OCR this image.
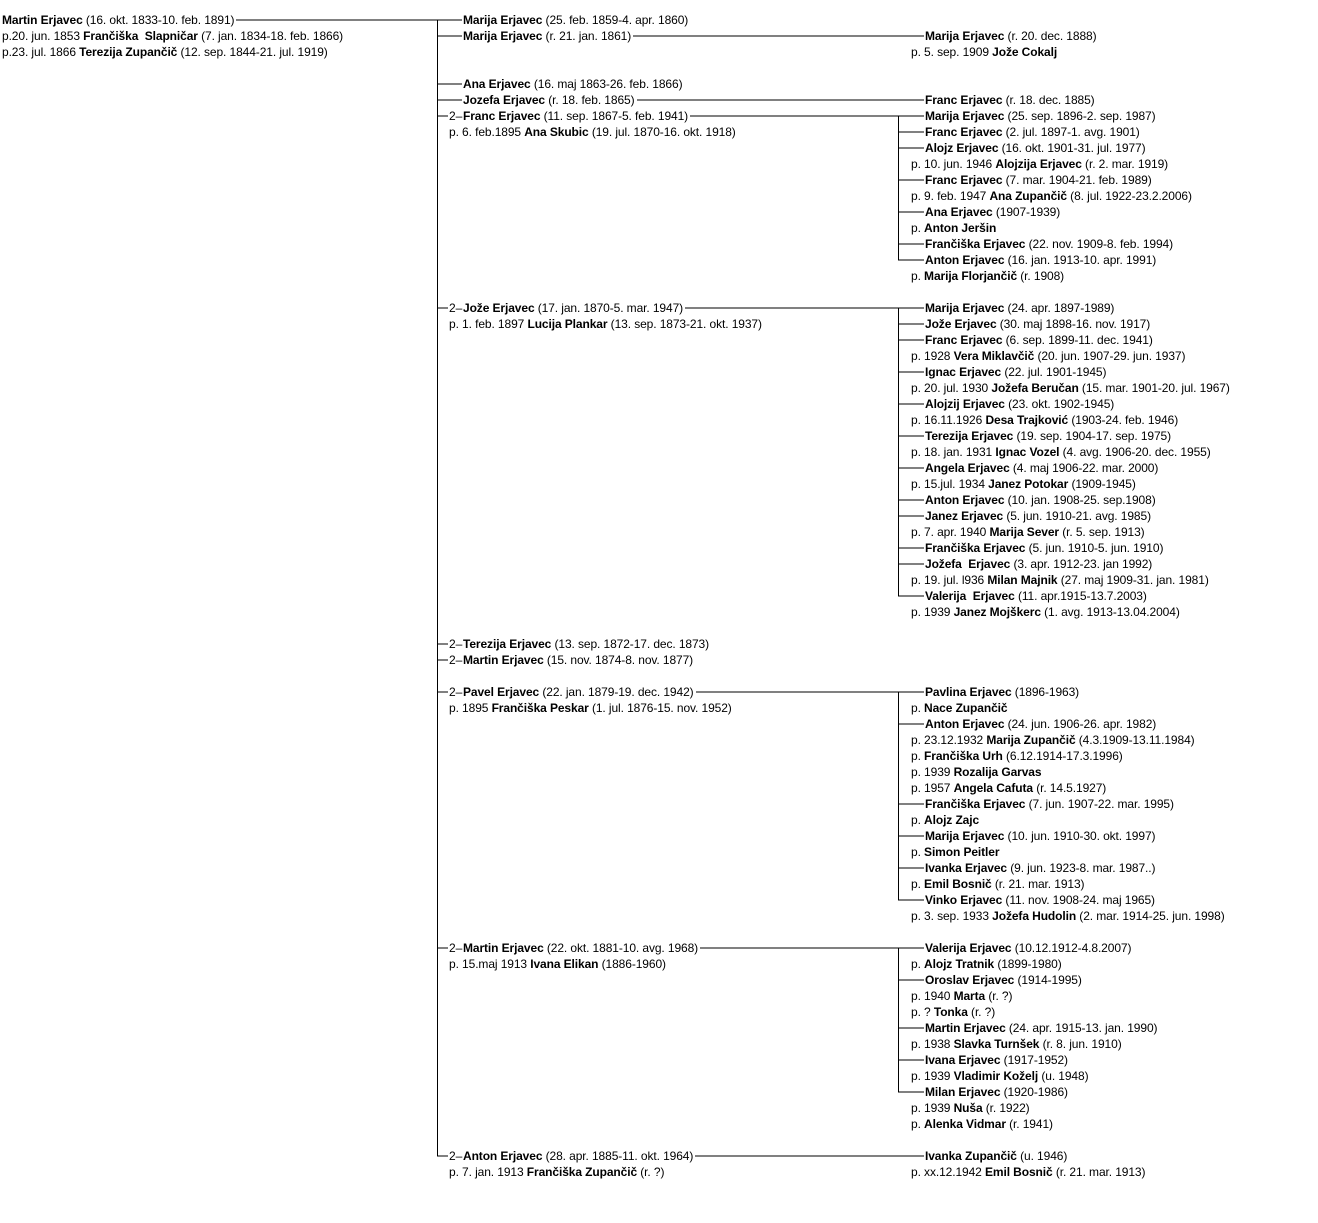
Martin Erjavec (16. okt. 1833-10. feb. 1891)
p.20. jun. 1853 Frančiška  Slapničar (7. jan. 1834-18. feb. 1866)
p.23. jul. 1866 Terezija Zupančič (12. sep. 1844-21. jul. 1919)
Marija Erjavec (25. feb. 1859-4. apr. 1860)
Marija Erjavec (r. 21. jan. 1861)	Marija Erjavec (r. 20. dec. 1888)
p. 5. sep. 1909 Jože Cokalj
Ana Erjavec (16. maj 1863-26. feb. 1866)
Jozefa Erjavec (r. 18. feb. 1865)	Franc Erjavec (r. 18. dec. 1885)
2– Franc Erjavec (11. sep. 1867-5. feb. 1941)
p. 6. feb.1895 Ana Skubic (19. jul. 1870-16. okt. 1918)
Marija Erjavec (25. sep. 1896-2. sep. 1987)
Franc Erjavec (2. jul. 1897-1. avg. 1901)
Alojz Erjavec (16. okt. 1901-31. jul. 1977)
p. 10. jun. 1946 Alojzija Erjavec (r. 2. mar. 1919)
Franc Erjavec (7. mar. 1904-21. feb. 1989)
p. 9. feb. 1947 Ana Zupančič (8. jul. 1922-23.2.2006)
Ana Erjavec (1907-1939)
p. Anton Jeršin
Frančiška Erjavec (22. nov. 1909-8. feb. 1994)
Anton Erjavec (16. jan. 1913-10. apr. 1991)
p. Marija Florjančič (r. 1908)
2– Jože Erjavec (17. jan. 1870-5. mar. 1947)
p. 1. feb. 1897 Lucija Plankar (13. sep. 1873-21. okt. 1937)
Marija Erjavec (24. apr. 1897-1989)
Jože Erjavec (30. maj 1898-16. nov. 1917)
Franc Erjavec (6. sep. 1899-11. dec. 1941)
p. 1928 Vera Miklavčič (20. jun. 1907-29. jun. 1937)
Ignac Erjavec (22. jul. 1901-1945)
p. 20. jul. 1930 Jožefa Beručan (15. mar. 1901-20. jul. 1967)
Alojzij Erjavec (23. okt. 1902-1945)
p. 16.11.1926 Desa Trajković (1903-24. feb. 1946)
Terezija Erjavec (19. sep. 1904-17. sep. 1975)
p. 18. jan. 1931 Ignac Vozel (4. avg. 1906-20. dec. 1955)
Angela Erjavec (4. maj 1906-22. mar. 2000)
p. 15.jul. 1934 Janez Potokar (1909-1945)
Anton Erjavec (10. jan. 1908-25. sep.1908)
Janez Erjavec (5. jun. 1910-21. avg. 1985)
p. 7. apr. 1940 Marija Sever (r. 5. sep. 1913)
Frančiška Erjavec (5. jun. 1910-5. jun. 1910)
Jožefa  Erjavec (3. apr. 1912-23. jan 1992)
p. 19. jul. l936 Milan Majnik (27. maj 1909-31. jan. 1981)
Valerija  Erjavec (11. apr.1915-13.7.2003)
p. 1939 Janez Mojškerc (1. avg. 1913-13.04.2004)
2– Terezija Erjavec (13. sep. 1872-17. dec. 1873)
2– Martin Erjavec (15. nov. 1874-8. nov. 1877)
2– Pavel Erjavec (22. jan. 1879-19. dec. 1942)
p. 1895 Frančiška Peskar (1. jul. 1876-15. nov. 1952)
Pavlina Erjavec (1896-1963)
p. Nace Zupančič
Anton Erjavec (24. jun. 1906-26. apr. 1982)
p. 23.12.1932 Marija Zupančič (4.3.1909-13.11.1984)
p. Frančiška Urh (6.12.1914-17.3.1996)
p. 1939 Rozalija Garvas
p. 1957 Angela Cafuta (r. 14.5.1927)
Frančiška Erjavec (7. jun. 1907-22. mar. 1995)
p. Alojz Zajc
Marija Erjavec (10. jun. 1910-30. okt. 1997)
p. Simon Peitler
Ivanka Erjavec (9. jun. 1923-8. mar. 1987..)
p. Emil Bosnič (r. 21. mar. 1913)
Vinko Erjavec (11. nov. 1908-24. maj 1965)
p. 3. sep. 1933 Jožefa Hudolin (2. mar. 1914-25. jun. 1998)
2– Martin Erjavec (22. okt. 1881-10. avg. 1968)
p. 15.maj 1913 Ivana Elikan (1886-1960)
Valerija Erjavec (10.12.1912-4.8.2007)
p. Alojz Tratnik (1899-1980)
Oroslav Erjavec (1914-1995)
p. 1940 Marta (r. ?)
p. ? Tonka (r. ?)
Martin Erjavec (24. apr. 1915-13. jan. 1990)
p. 1938 Slavka Turnšek (r. 8. jun. 1910)
Ivana Erjavec (1917-1952)
p. 1939 Vladimir Koželj (u. 1948)
Milan Erjavec (1920-1986)
p. 1939 Nuša (r. 1922)
p. Alenka Vidmar (r. 1941)
2– Anton Erjavec (28. apr. 1885-11. okt. 1964)
p. 7. jan. 1913 Frančiška Zupančič (r. ?)
Ivanka Zupančič (u. 1946)
p. xx.12.1942 Emil Bosnič (r. 21. mar. 1913)
